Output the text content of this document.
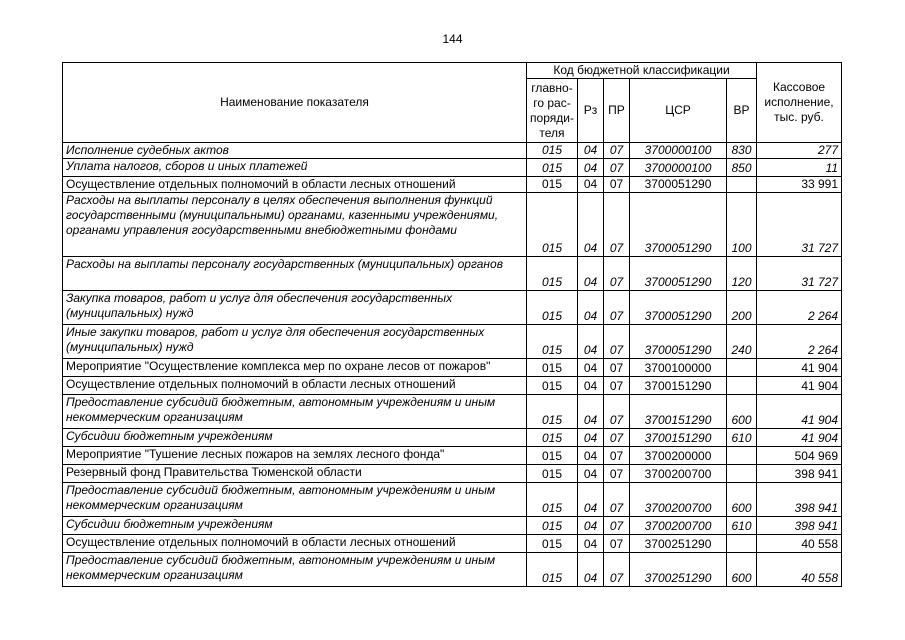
144
Наименование показателя	Код бюджетной классификации					Кассовое исполнение, тыс. руб.
	главно-го рас-поряди-теля	Рз	ПР	ЦСР	ВР	
Исполнение судебных актов	015	04	07	3700000100	830	277
Уплата налогов, сборов и иных платежей	015	04	07	3700000100	850	11
Осуществление отдельных полномочий в области лесных отношений	015	04	07	3700051290		33 991
Расходы на выплаты персоналу в целях обеспечения выполнения функций государственными (муниципальными) органами, казенными учреждениями, органами управления государственными внебюджетными фондами	015	04	07	3700051290	100	31 727
Расходы на выплаты персоналу государственных (муниципальных) органов	015	04	07	3700051290	120	31 727
Закупка товаров, работ и услуг для обеспечения государственных (муниципальных) нужд	015	04	07	3700051290	200	2 264
Иные закупки товаров, работ и услуг для обеспечения государственных (муниципальных) нужд	015	04	07	3700051290	240	2 264
Мероприятие "Осуществление комплекса мер по охране лесов от пожаров"	015	04	07	3700100000		41 904
Осуществление отдельных полномочий в области лесных отношений	015	04	07	3700151290		41 904
Предоставление субсидий бюджетным, автономным учреждениям и иным некоммерческим организациям	015	04	07	3700151290	600	41 904
Субсидии бюджетным учреждениям	015	04	07	3700151290	610	41 904
Мероприятие "Тушение лесных пожаров на землях лесного фонда"	015	04	07	3700200000		504 969
Резервный фонд Правительства Тюменской области	015	04	07	3700200700		398 941
Предоставление субсидий бюджетным, автономным учреждениям и иным некоммерческим организациям	015	04	07	3700200700	600	398 941
Субсидии бюджетным учреждениям	015	04	07	3700200700	610	398 941
Осуществление отдельных полномочий в области лесных отношений	015	04	07	3700251290		40 558
Предоставление субсидий бюджетным, автономным учреждениям и иным некоммерческим организациям	015	04	07	3700251290	600	40 558
